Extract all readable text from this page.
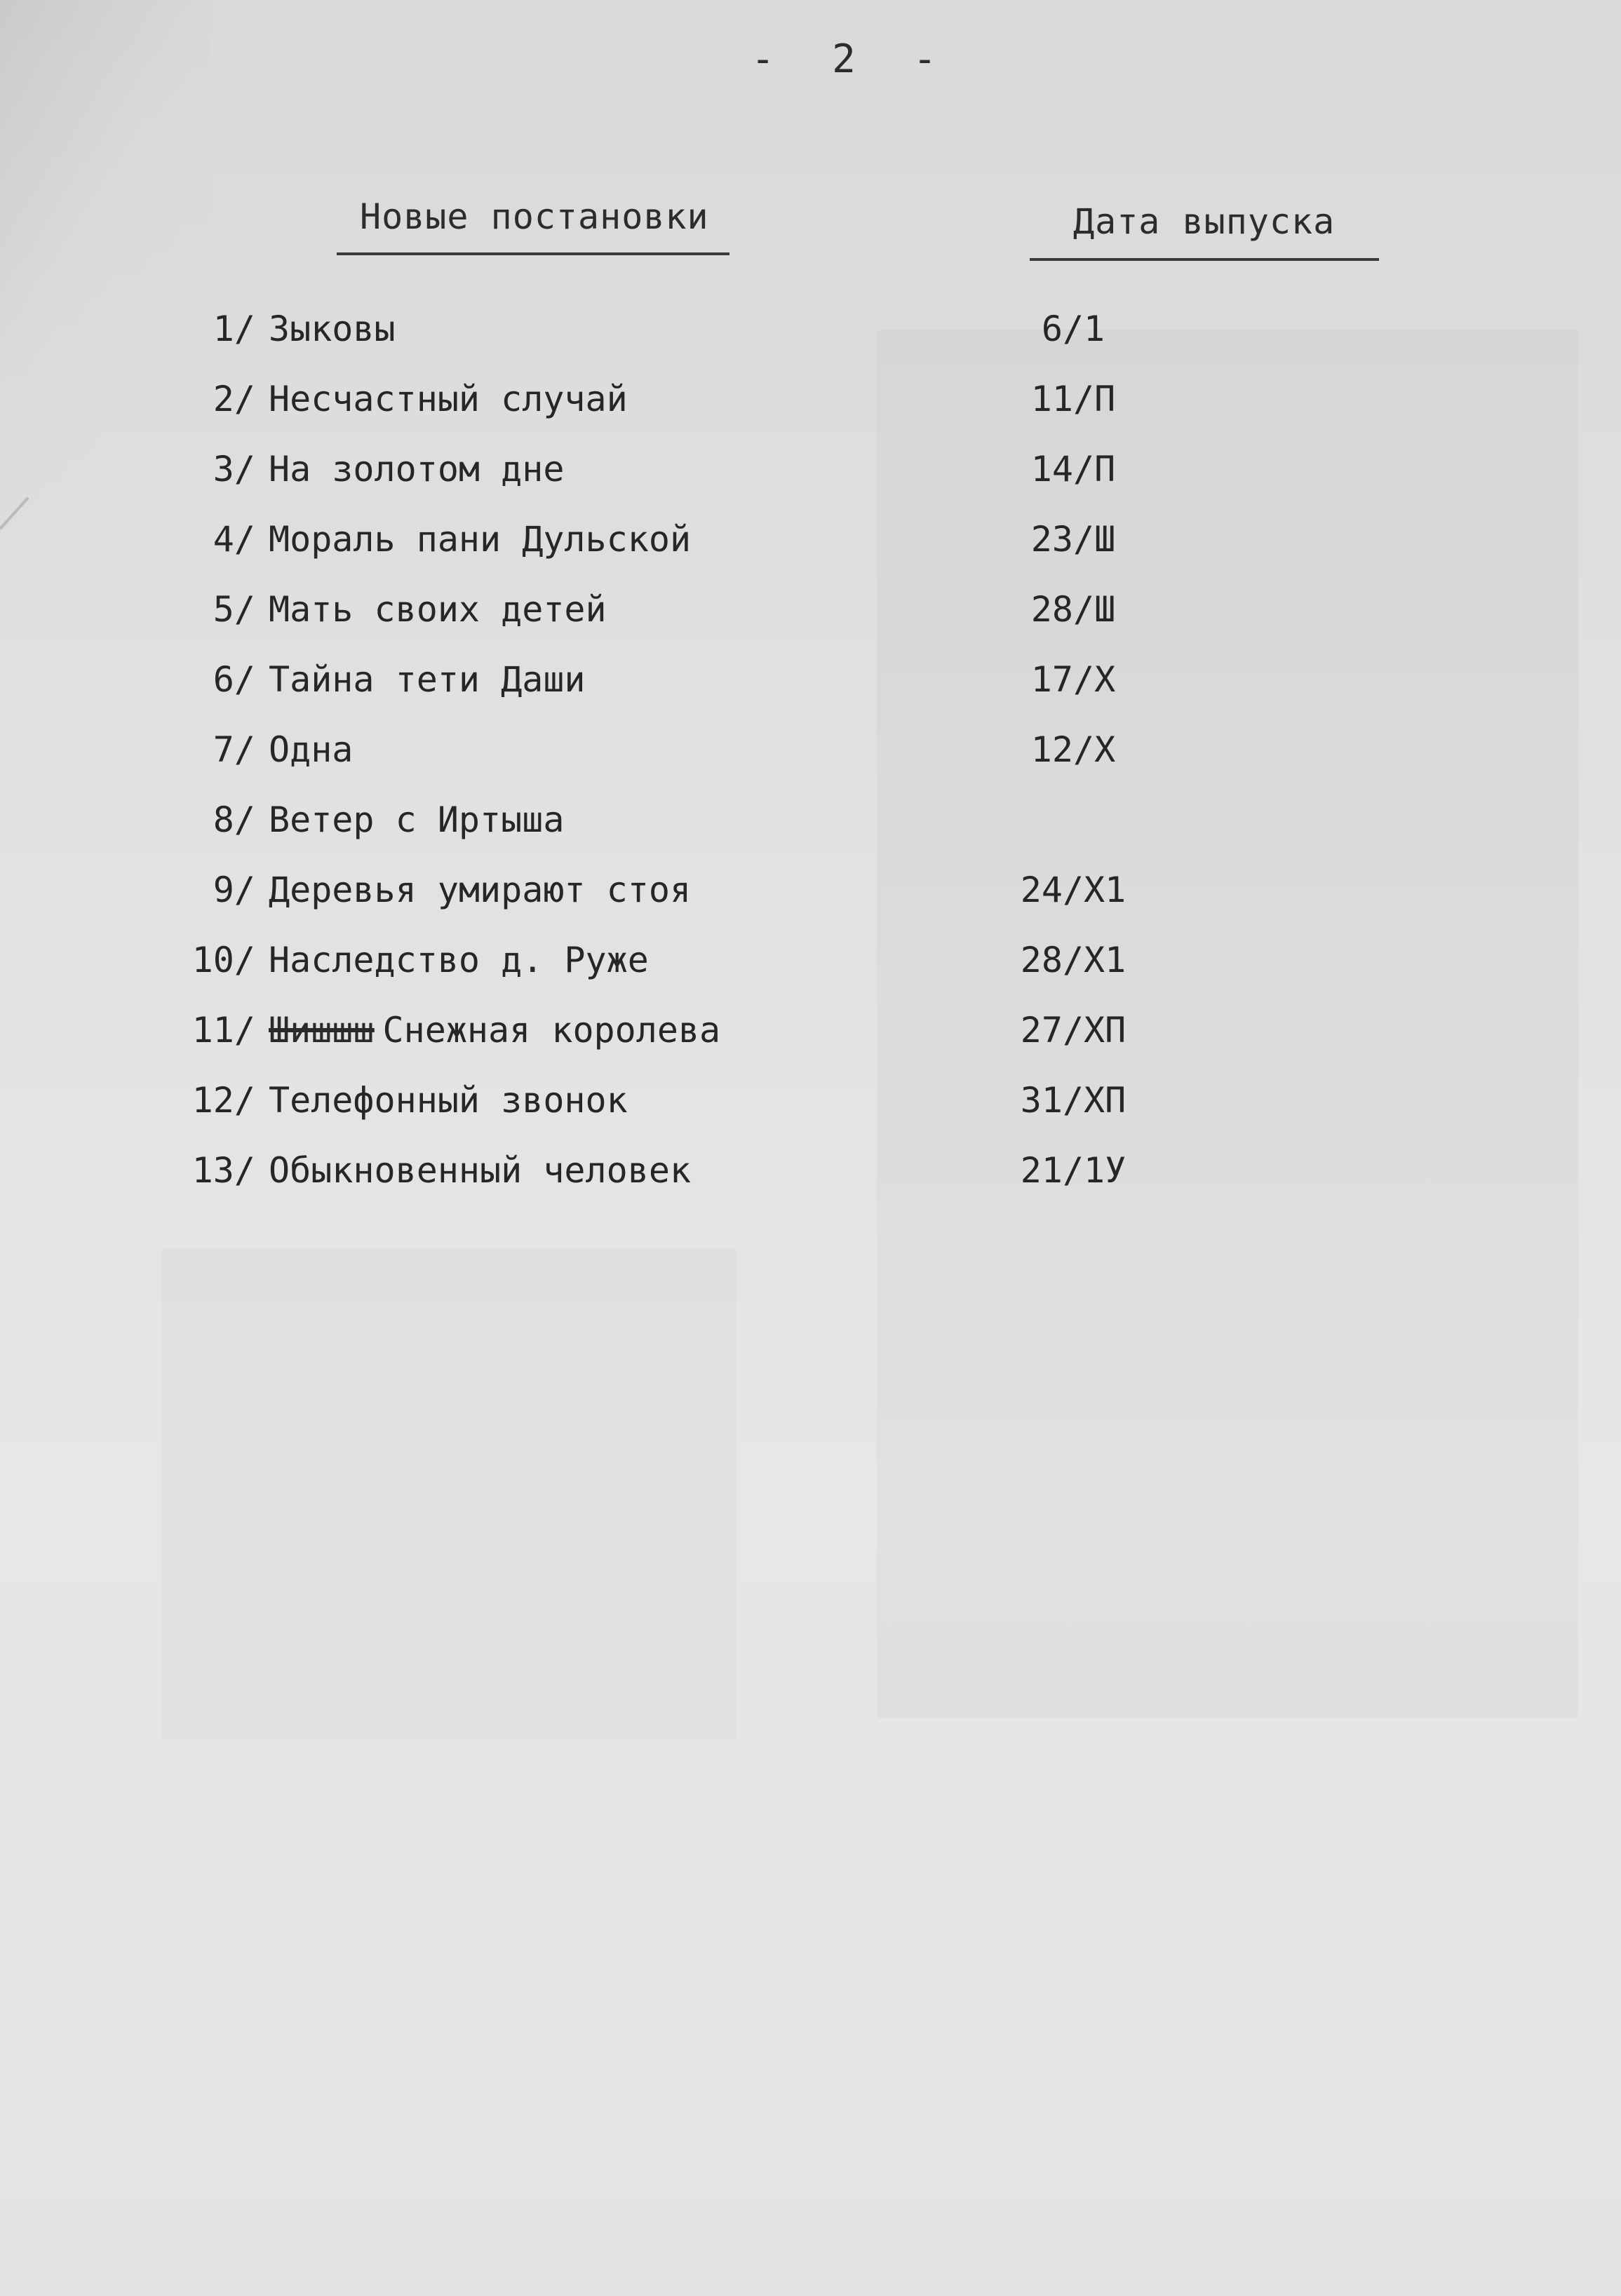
- 2 -
Новые постановки	Дата выпуска
1/ Зыковы	6/1
2/ Несчастный случай	11/П
3/ На золотом дне	14/П
4/ Мораль пани Дульской	23/Ш
5/ Мать своих детей	28/Ш
6/ Тайна тети Даши	17/Х
7/ Одна	12/Х
8/ Ветер с Иртыша
9/ Деревья умирают стоя	24/Х1
10/ Наследство д. Руже	28/Х1
11/ Шишшш Снежная королева	27/ХП
12/ Телефонный звонок	31/ХП
13/ Обыкновенный человек	21/1У
